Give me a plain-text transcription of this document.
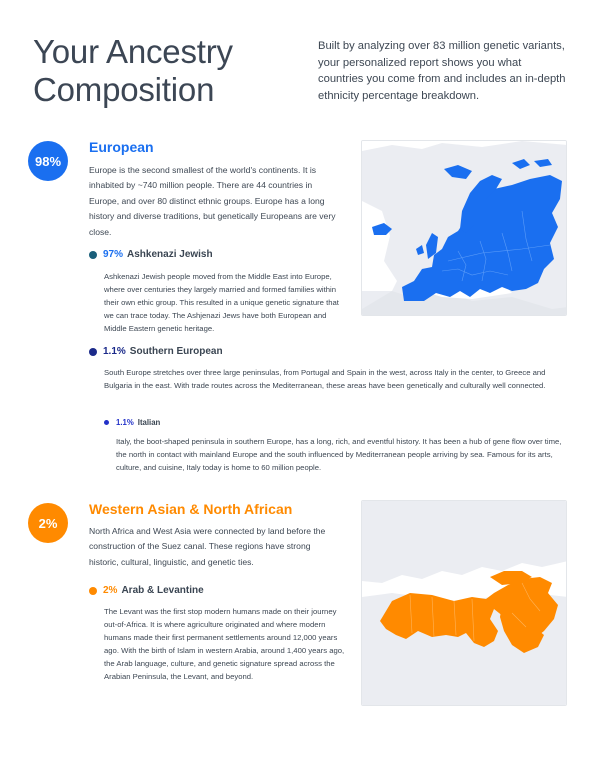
Your Ancestry Composition
Built by analyzing over 83 million genetic variants, your personalized report shows you what countries you come from and includes an in-depth ethnicity percentage breakdown.
98%
European
Europe is the second smallest of the world's continents. It is inhabited by ~740 million people. There are 44 countries in Europe, and over 80 distinct ethnic groups. Europe has a long history and diverse traditions, but genetically Europeans are very close.
97% Ashkenazi Jewish
Ashkenazi Jewish people moved from the Middle East into Europe, where over centuries they largely married and formed families within their own ethic group. This resulted in a unique genetic signature that we can trace today. The Ashjenazi Jews have both European and Middle Eastern genetic heritage.
1.1% Southern European
South Europe stretches over three large peninsulas, from Portugal and Spain in the west, across Italy in the center, to Greece and Bulgaria in the east. With trade routes across the Mediterranean, these areas have been genetically and culturally well connected.
1.1% Italian
Italy, the boot-shaped peninsula in southern Europe, has a long, rich, and eventful history. It has been a hub of gene flow over time, the north in contact with mainland Europe and the south influenced by Mediterranean people arriving by sea. Famous for its arts, culture, and cuisine, Italy today is home to 60 million people.
2%
Western Asian & North African
North Africa and West Asia were connected by land before the construction of the Suez canal. These regions have strong historic, cultural, linguistic, and genetic ties.
2% Arab & Levantine
The Levant was the first stop modern humans made on their journey out-of-Africa. It is where agriculture originated and where modern humans made their first permanent settlements around 12,000 years ago. With the birth of Islam in western Arabia, around 1,400 years ago, the Arab language, culture, and genetic signature spread across the Arabian Peninsula, the Levant, and beyond.
